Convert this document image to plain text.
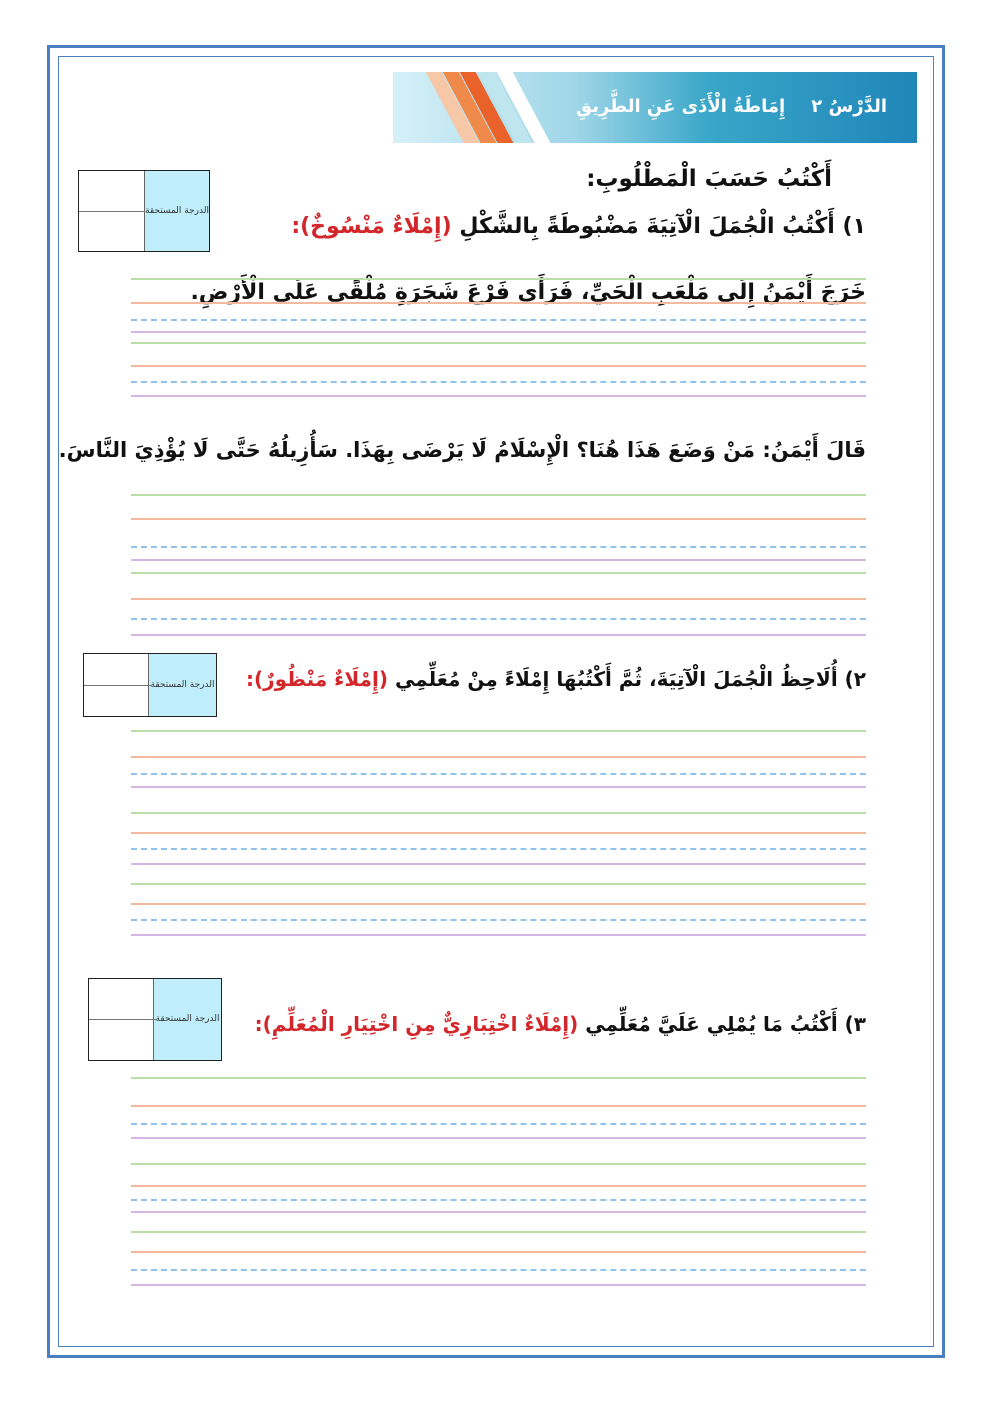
الدَّرْسُ ٢إِمَاطَةُ الْأَذَى عَنِ الطَّرِيقِ
أَكْتُبُ حَسَبَ الْمَطْلُوبِ:
الدرجة المستحقة
١) أَكْتُبُ الْجُمَلَ الْآتِيَةَ مَضْبُوطَةً بِالشَّكْلِ (إِمْلَاءٌ مَنْسُوخٌ):
خَرَجَ أَيْمَنُ إِلَى مَلْعَبِ الْحَيِّ، فَرَأَى فَرْعَ شَجَرَةٍ مُلْقًى عَلَى الْأَرْضِ.
قَالَ أَيْمَنُ: مَنْ وَضَعَ هَذَا هُنَا؟ الْإِسْلَامُ لَا يَرْضَى بِهَذَا. سَأُزِيلُهُ حَتَّى لَا يُؤْذِيَ النَّاسَ.
الدرجة المستحقة	٢) أُلَاحِظُ الْجُمَلَ الْآتِيَةَ، ثُمَّ أَكْتُبُهَا إِمْلَاءً مِنْ مُعَلِّمِي (إِمْلَاءٌ مَنْظُورٌ):
الدرجة المستحقة	٣) أَكْتُبُ مَا يُمْلِي عَلَيَّ مُعَلِّمِي (إِمْلَاءٌ اخْتِبَارِيٌّ مِنِ اخْتِيَارِ الْمُعَلِّمِ):
